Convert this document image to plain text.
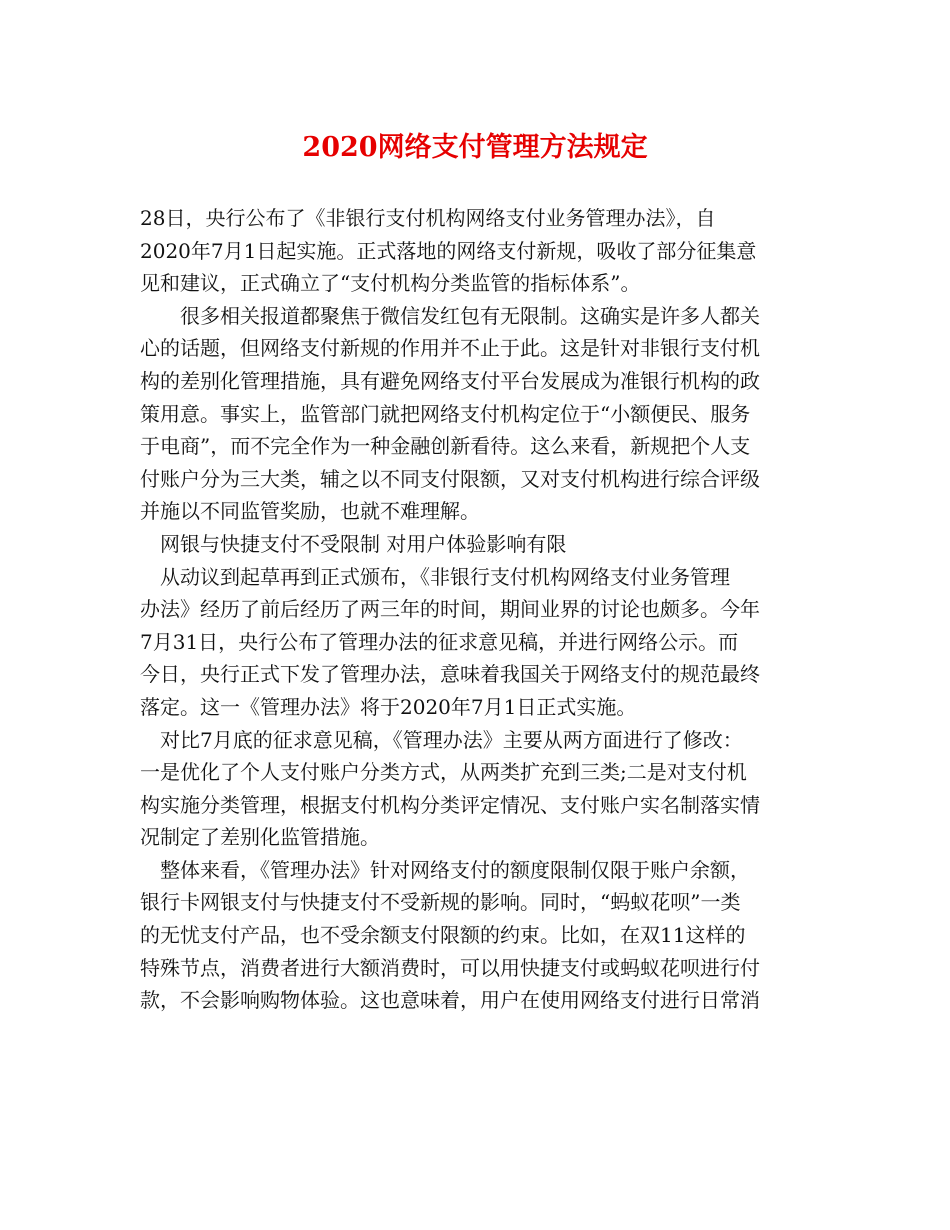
2020网络支付管理方法规定

28日，央行公布了《非银行支付机构网络支付业务管理办法》，自
2020年7月1日起实施。正式落地的网络支付新规，吸收了部分征集意
见和建议，正式确立了“支付机构分类监管的指标体系”。

很多相关报道都聚焦于微信发红包有无限制。这确实是许多人都关
心的话题，但网络支付新规的作用并不止于此。这是针对非银行支付机
构的差别化管理措施，具有避免网络支付平台发展成为准银行机构的政
策用意。事实上，监管部门就把网络支付机构定位于“小额便民、服务
于电商”，而不完全作为一种金融创新看待。这么来看，新规把个人支
付账户分为三大类，辅之以不同支付限额，又对支付机构进行综合评级
并施以不同监管奖励，也就不难理解。

网银与快捷支付不受限制 对用户体验影响有限

从动议到起草再到正式颁布，《非银行支付机构网络支付业务管理
办法》经历了前后经历了两三年的时间，期间业界的讨论也颇多。今年
7月31日，央行公布了管理办法的征求意见稿，并进行网络公示。而
今日，央行正式下发了管理办法，意味着我国关于网络支付的规范最终
落定。这一《管理办法》将于2020年7月1日正式实施。

对比7月底的征求意见稿，《管理办法》主要从两方面进行了修改：
一是优化了个人支付账户分类方式，从两类扩充到三类;二是对支付机
构实施分类管理，根据支付机构分类评定情况、支付账户实名制落实情
况制定了差别化监管措施。

整体来看，《管理办法》针对网络支付的额度限制仅限于账户余额，
银行卡网银支付与快捷支付不受新规的影响。同时，“蚂蚁花呗”一类
的无忧支付产品，也不受余额支付限额的约束。比如，在双11这样的
特殊节点，消费者进行大额消费时，可以用快捷支付或蚂蚁花呗进行付
款，不会影响购物体验。这也意味着，用户在使用网络支付进行日常消
